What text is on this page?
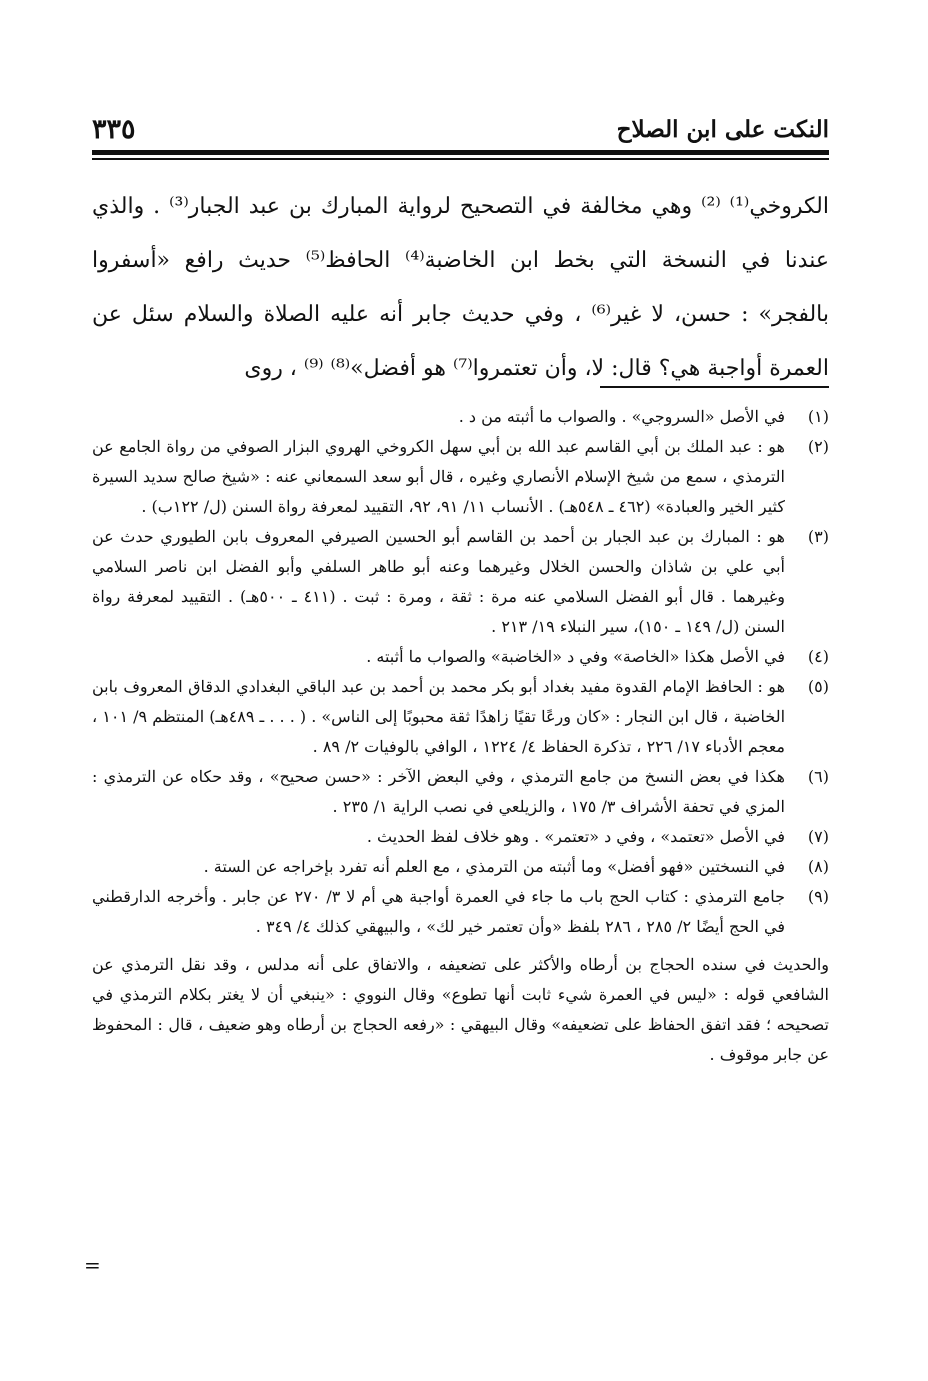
النكت على ابن الصلاح
٣٣٥

الكروخي⁽¹⁾ ⁽²⁾ وهي مخالفة في التصحيح لرواية المبارك بن عبد الجبار⁽³⁾ . والذي عندنا في النسخة التي بخط ابن الخاضبة⁽⁴⁾ الحافظ⁽⁵⁾ حديث رافع «أسفروا بالفجر» : حسن، لا غير⁽⁶⁾ ، وفي حديث جابر أنه عليه الصلاة والسلام سئل عن العمرة أواجبة هي؟ قال: لا، وأن تعتمروا⁽⁷⁾ هو أفضل»⁽⁸⁾ ⁽⁹⁾ ، روى

(١)
في الأصل «السروجي» . والصواب ما أثبته من د .
(٢)
هو : عبد الملك بن أبي القاسم عبد الله بن أبي سهل الكروخي الهروي البزار الصوفي من رواة الجامع عن الترمذي ، سمع من شيخ الإسلام الأنصاري وغيره ، قال أبو سعد السمعاني عنه : «شيخ صالح سديد السيرة كثير الخير والعبادة» (٤٦٢ ـ ٥٤٨هـ) . الأنساب ١١/ ٩١، ٩٢، التقييد لمعرفة رواة السنن (ل/ ١٢٢ب) .
(٣)
هو : المبارك بن عبد الجبار بن أحمد بن القاسم أبو الحسين الصيرفي المعروف بابن الطيوري حدث عن أبي علي بن شاذان والحسن الخلال وغيرهما وعنه أبو طاهر السلفي وأبو الفضل ابن ناصر السلامي وغيرهما . قال أبو الفضل السلامي عنه مرة : ثقة ، ومرة : ثبت . (٤١١ ـ ٥٠٠هـ) . التقييد لمعرفة رواة السنن (ل/ ١٤٩ ـ ١٥٠)، سير النبلاء ١٩/ ٢١٣ .
(٤)
في الأصل هكذا «الخاصة» وفي د «الخاضبة» والصواب ما أثبته .
(٥)
هو : الحافظ الإمام القدوة مفيد بغداد أبو بكر محمد بن أحمد بن عبد الباقي البغدادي الدقاق المعروف بابن الخاضبة ، قال ابن النجار : «كان ورعًا تقيًا زاهدًا ثقة محبوبًا إلى الناس» . ( . . . ـ ٤٨٩هـ) المنتظم ٩/ ١٠١ ، معجم الأدباء ١٧/ ٢٢٦ ، تذكرة الحفاظ ٤/ ١٢٢٤ ، الوافي بالوفيات ٢/ ٨٩ .
(٦)
هكذا في بعض النسخ من جامع الترمذي ، وفي البعض الآخر : «حسن صحيح» ، وقد حكاه عن الترمذي : المزي في تحفة الأشراف ٣/ ١٧٥ ، والزيلعي في نصب الراية ١/ ٢٣٥ .
(٧)
في الأصل «تعتمد» ، وفي د «تعتمر» . وهو خلاف لفظ الحديث .
(٨)
في النسختين «فهو أفضل» وما أثبته من الترمذي ، مع العلم أنه تفرد بإخراجه عن الستة .
(٩)
جامع الترمذي : كتاب الحج باب ما جاء في العمرة أواجبة هي أم لا ٣/ ٢٧٠ عن جابر . وأخرجه الدارقطني في الحج أيضًا ٢/ ٢٨٥ ، ٢٨٦ بلفظ «وأن تعتمر خير لك» ، والبيهقي كذلك ٤/ ٣٤٩ .

والحديث في سنده الحجاج بن أرطاه والأكثر على تضعيفه ، والاتفاق على أنه مدلس ، وقد نقل الترمذي عن الشافعي قوله : «ليس في العمرة شيء ثابت أنها تطوع» وقال النووي : «ينبغي أن لا يغتر بكلام الترمذي في تصحيحه ؛ فقد اتفق الحفاظ على تضعيفه» وقال البيهقي : «رفعه الحجاج بن أرطاه وهو ضعيف ، قال : المحفوظ عن جابر موقوف .

=
